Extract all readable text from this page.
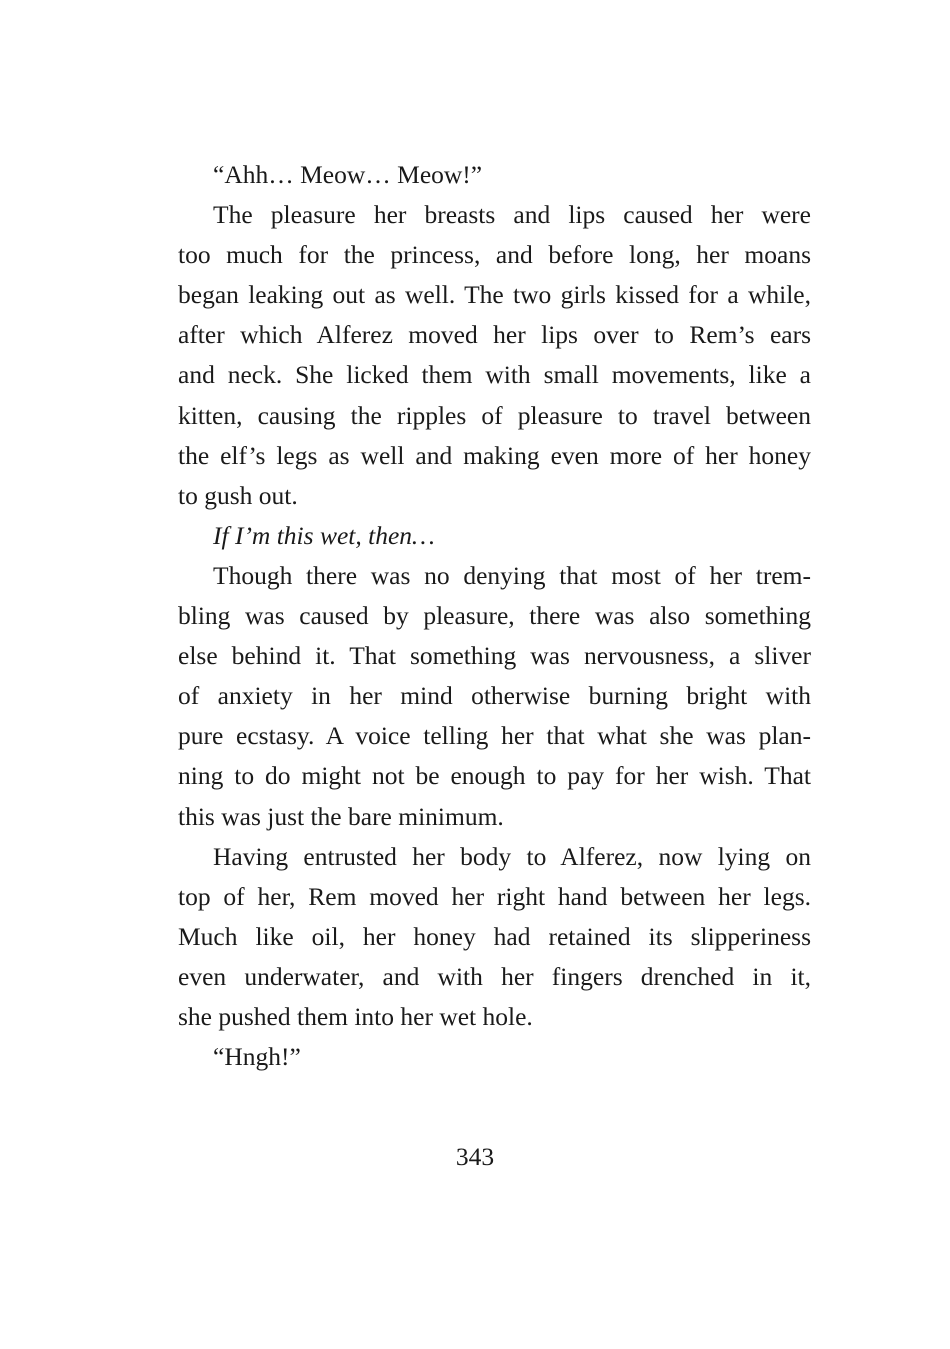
“Ahh… Meow… Meow!”
The pleasure her breasts and lips caused her were
too much for the princess, and before long, her moans
began leaking out as well. The two girls kissed for a while,
after which Alferez moved her lips over to Rem’s ears
and neck. She licked them with small movements, like a
kitten, causing the ripples of pleasure to travel between
the elf’s legs as well and making even more of her honey
to gush out.
If I’m this wet, then…
Though there was no denying that most of her trem-
bling was caused by pleasure, there was also something
else behind it. That something was nervousness, a sliver
of anxiety in her mind otherwise burning bright with
pure ecstasy. A voice telling her that what she was plan-
ning to do might not be enough to pay for her wish. That
this was just the bare minimum.
Having entrusted her body to Alferez, now lying on
top of her, Rem moved her right hand between her legs.
Much like oil, her honey had retained its slipperiness
even underwater, and with her fingers drenched in it,
she pushed them into her wet hole.
“Hngh!”
343
